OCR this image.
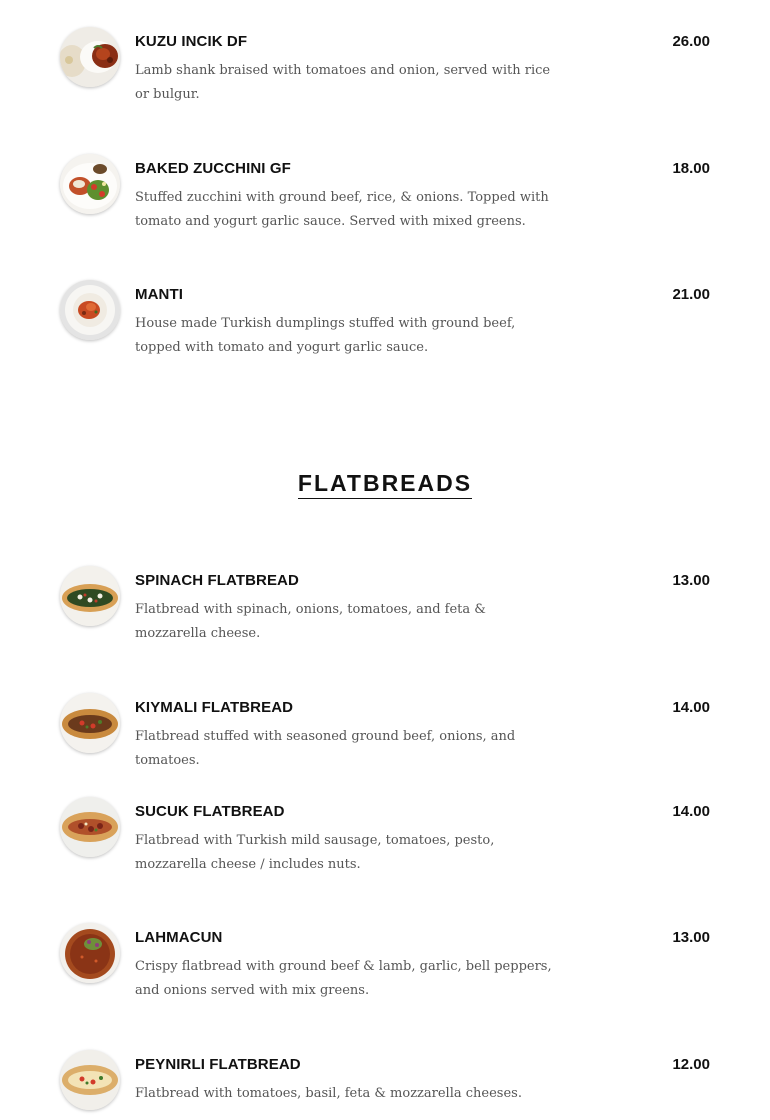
KUZU INCIK DF	26.00
Lamb shank braised with tomatoes and onion, served with rice or bulgur.
BAKED ZUCCHINI GF	18.00
Stuffed zucchini with ground beef, rice, & onions. Topped with tomato and yogurt garlic sauce. Served with mixed greens.
MANTI	21.00
House made Turkish dumplings stuffed with ground beef, topped with tomato and yogurt garlic sauce.
FLATBREADS
SPINACH FLATBREAD	13.00
Flatbread with spinach, onions, tomatoes, and feta & mozzarella cheese.
KIYMALI FLATBREAD	14.00
Flatbread stuffed with seasoned ground beef, onions, and tomatoes.
SUCUK FLATBREAD	14.00
Flatbread with Turkish mild sausage, tomatoes, pesto, mozzarella cheese / includes nuts.
LAHMACUN	13.00
Crispy flatbread with ground beef & lamb, garlic, bell peppers, and onions served with mix greens.
PEYNIRLI FLATBREAD	12.00
Flatbread with tomatoes, basil, feta & mozzarella cheeses.
